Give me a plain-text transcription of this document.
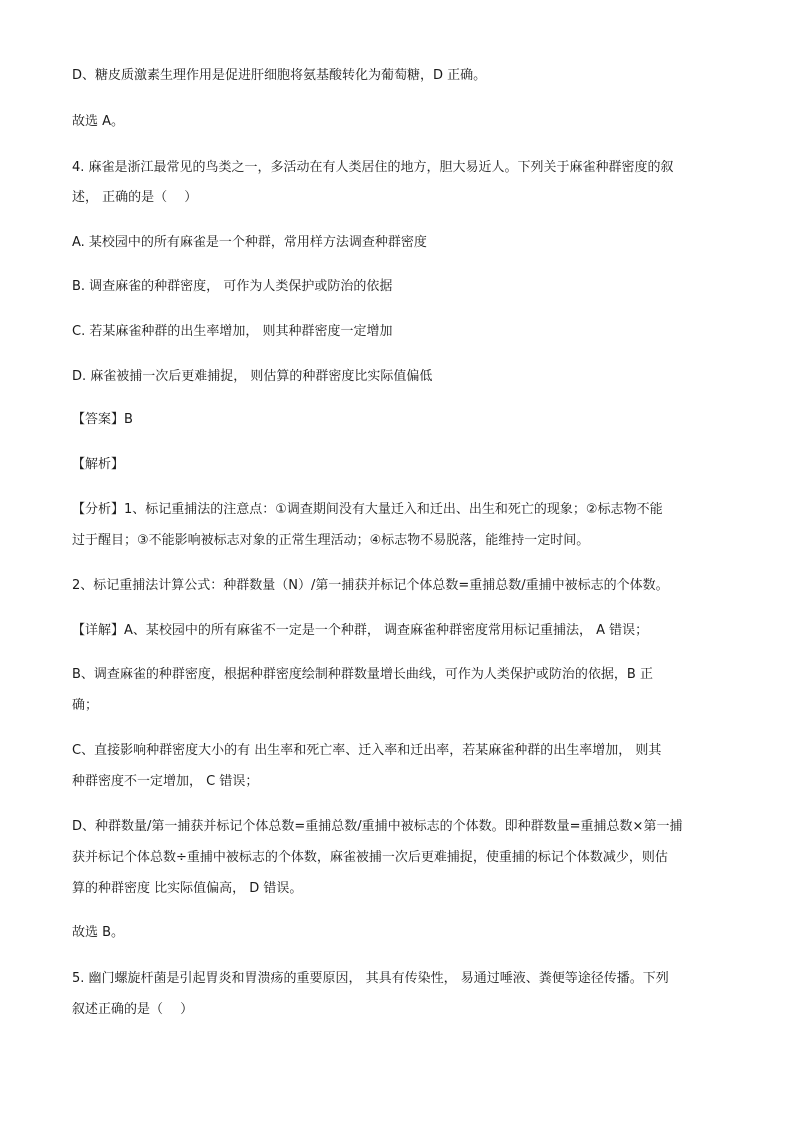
D、糖皮质激素生理作用是促进肝细胞将氨基酸转化为葡萄糖，D 正确。
故选 A。
4. 麻雀是浙江最常见的鸟类之一，多活动在有人类居住的地方，胆大易近人。下列关于麻雀种群密度的叙
述， 正确的是（　 ）
A. 某校园中的所有麻雀是一个种群，常用样方法调查种群密度
B. 调查麻雀的种群密度， 可作为人类保护或防治的依据
C. 若某麻雀种群的出生率增加， 则其种群密度一定增加
D. 麻雀被捕一次后更难捕捉， 则估算的种群密度比实际值偏低
【答案】B
【解析】
【分析】1、标记重捕法的注意点：①调查期间没有大量迁入和迁出、出生和死亡的现象；②标志物不能
过于醒目；③不能影响被标志对象的正常生理活动；④标志物不易脱落，能维持一定时间。
2、标记重捕法计算公式：种群数量（N）/第一捕获并标记个体总数=重捕总数/重捕中被标志的个体数。
【详解】A、某校园中的所有麻雀不一定是一个种群， 调查麻雀种群密度常用标记重捕法， A 错误；
B、调查麻雀的种群密度，根据种群密度绘制种群数量增长曲线，可作为人类保护或防治的依据，B 正
确；
C、直接影响种群密度大小的有 出生率和死亡率、迁入率和迁出率，若某麻雀种群的出生率增加， 则其
种群密度不一定增加， C 错误；
D、种群数量/第一捕获并标记个体总数=重捕总数/重捕中被标志的个体数。即种群数量=重捕总数×第一捕
获并标记个体总数÷重捕中被标志的个体数，麻雀被捕一次后更难捕捉，使重捕的标记个体数减少，则估
算的种群密度 比实际值偏高， D 错误。
故选 B。
5. 幽门螺旋杆菌是引起胃炎和胃溃疡的重要原因， 其具有传染性， 易通过唾液、粪便等途径传播。下列
叙述正确的是（　 ）
